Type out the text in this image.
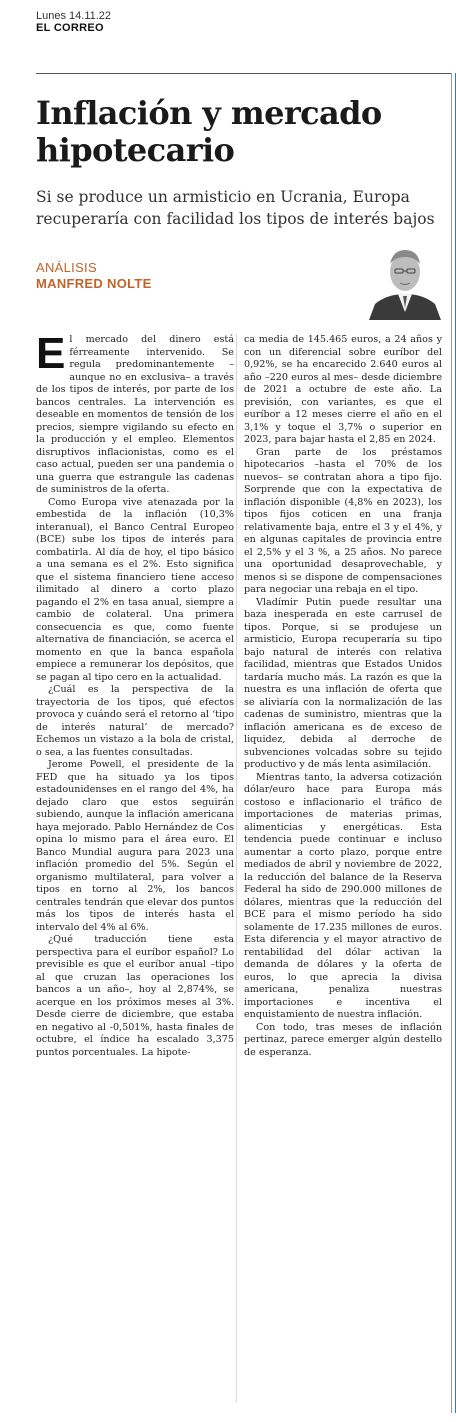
Lunes 14.11.22
EL CORREO
Inflación y mercado hipotecario
Si se produce un armisticio en Ucrania, Europa recuperaría con facilidad los tipos de interés bajos
ANÁLISIS
MANFRED NOLTE

El mercado del dinero está férreamente intervenido. Se regula predominantemente –aunque no en exclusiva– a través de los tipos de interés, por parte de los bancos centrales. La intervención es deseable en momentos de tensión de los precios, siempre vigilando su efecto en la producción y el empleo. Elementos disruptivos inflacionistas, como es el caso actual, pueden ser una pandemia o una guerra que estrangule las cadenas de suministros de la oferta.

Como Europa vive atenazada por la embestida de la inflación (10,3% interanual), el Banco Central Europeo (BCE) sube los tipos de interés para combatirla. Al día de hoy, el tipo básico a una semana es el 2%. Esto significa que el sistema financiero tiene acceso ilimitado al dinero a corto plazo pagando el 2% en tasa anual, siempre a cambio de colateral. Una primera consecuencia es que, como fuente alternativa de financiación, se acerca el momento en que la banca española empiece a remunerar los depósitos, que se pagan al tipo cero en la actualidad.

¿Cuál es la perspectiva de la trayectoria de los tipos, qué efectos provoca y cuándo será el retorno al ‘tipo de interés natural’ de mercado? Echemos un vistazo a la bola de cristal, o sea, a las fuentes consultadas.

Jerome Powell, el presidente de la FED que ha situado ya los tipos estadounidenses en el rango del 4%, ha dejado claro que estos seguirán subiendo, aunque la inflación americana haya mejorado. Pablo Hernández de Cos opina lo mismo para el área euro. El Banco Mundial augura para 2023 una inflación promedio del 5%. Según el organismo multilateral, para volver a tipos en torno al 2%, los bancos centrales tendrán que elevar dos puntos más los tipos de interés hasta el intervalo del 4% al 6%.

¿Qué traducción tiene esta perspectiva para el euríbor español? Lo previsible es que el euríbor anual –tipo al que cruzan las operaciones los bancos a un año–, hoy al 2,874%, se acerque en los próximos meses al 3%. Desde cierre de diciembre, que estaba en negativo al -0,501%, hasta finales de octubre, el índice ha escalado 3,375 puntos porcentuales. La hipote-

ca media de 145.465 euros, a 24 años y con un diferencial sobre euríbor del 0,92%, se ha encarecido 2.640 euros al año –220 euros al mes– desde diciembre de 2021 a octubre de este año. La previsión, con variantes, es que el euríbor a 12 meses cierre el año en el 3,1% y toque el 3,7% o superior en 2023, para bajar hasta el 2,85 en 2024.

Gran parte de los préstamos hipotecarios –hasta el 70% de los nuevos– se contratan ahora a tipo fijo. Sorprende que con la expectativa de inflación disponible (4,8% en 2023), los tipos fijos coticen en una franja relativamente baja, entre el 3 y el 4%, y en algunas capitales de provincia entre el 2,5% y el 3 %, a 25 años. No parece una oportunidad desaprovechable, y menos si se dispone de compensaciones para negociar una rebaja en el tipo.

Vladímir Putin puede resultar una baza inesperada en este carrusel de tipos. Porque, si se produjese un armisticio, Europa recuperaría su tipo bajo natural de interés con relativa facilidad, mientras que Estados Unidos tardaría mucho más. La razón es que la nuestra es una inflación de oferta que se aliviaría con la normalización de las cadenas de suministro, mientras que la inflación americana es de exceso de liquidez, debida al derroche de subvenciones volcadas sobre su tejido productivo y de más lenta asimilación.

Mientras tanto, la adversa cotización dólar/euro hace para Europa más costoso e inflacionario el tráfico de importaciones de materias primas, alimenticias y energéticas. Esta tendencia puede continuar e incluso aumentar a corto plazo, porque entre mediados de abril y noviembre de 2022, la reducción del balance de la Reserva Federal ha sido de 290.000 millones de dólares, mientras que la reducción del BCE para el mismo período ha sido solamente de 17.235 millones de euros. Esta diferencia y el mayor atractivo de rentabilidad del dólar activan la demanda de dólares y la oferta de euros, lo que aprecia la divisa americana, penaliza nuestras importaciones e incentiva el enquistamiento de nuestra inflación.

Con todo, tras meses de inflación pertinaz, parece emerger algún destello de esperanza.
